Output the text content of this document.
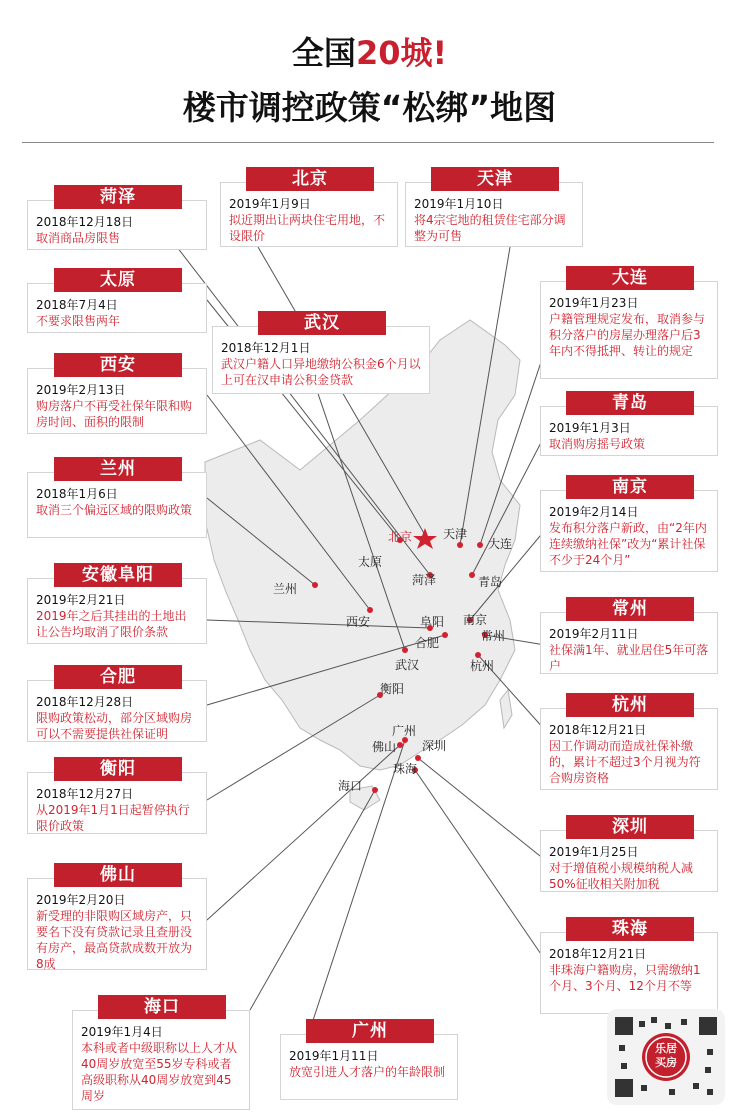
全国20城!
楼市调控政策“松绑”地图
北京	天津
大连
太原
菏泽	青岛
兰州
西安	阜阳 南京
常州
合肥
武汉	杭州
衡阳
广州
佛山 深圳
珠海
海口
菏泽
2018年12月18日
取消商品房限售
北京
2019年1月9日
拟近期出让两块住宅用地，不设限价
天津
2019年1月10日
将4宗宅地的租赁住宅部分调整为可售
太原
2018年7月4日
不要求限售两年	武汉
2018年12月1日
武汉户籍人口异地缴纳公积金6个月以上可在汉申请公积金贷款
大连
2019年1月23日
户籍管理规定发布，取消参与积分落户的房屋办理落户后3年内不得抵押、转让的规定
西安
2019年2月13日
购房落户不再受社保年限和购房时间、面积的限制
青岛
2019年1月3日
取消购房摇号政策
兰州
2018年1月6日
取消三个偏远区域的限购政策
南京
2019年2月14日
发布积分落户新政，由“2年内连续缴纳社保”改为“累计社保不少于24个月”
安徽阜阳
2019年2月21日
2019年之后其挂出的土地出让公告均取消了限价条款
常州
2019年2月11日
社保满1年、就业居住5年可落户
合肥
2018年12月28日
限购政策松动，部分区域购房可以不需要提供社保证明
杭州
2018年12月21日
因工作调动而造成社保补缴的，累计不超过3个月视为符合购房资格
衡阳
2018年12月27日
从2019年1月1日起暂停执行限价政策	深圳
2019年1月25日
对于增值税小规模纳税人减50%征收相关附加税
佛山
2019年2月20日
新受理的非限购区域房产，只要名下没有贷款记录且查册没有房产，最高贷款成数开放为8成
珠海
2018年12月21日
非珠海户籍购房，只需缴纳1个月、3个月、12个月不等
海口
2019年1月4日
本科或者中级职称以上人才从40周岁放宽至55岁专科或者高级职称从40周岁放宽到45周岁
广州
2019年1月11日
放宽引进人才落户的年龄限制
乐居
买房
